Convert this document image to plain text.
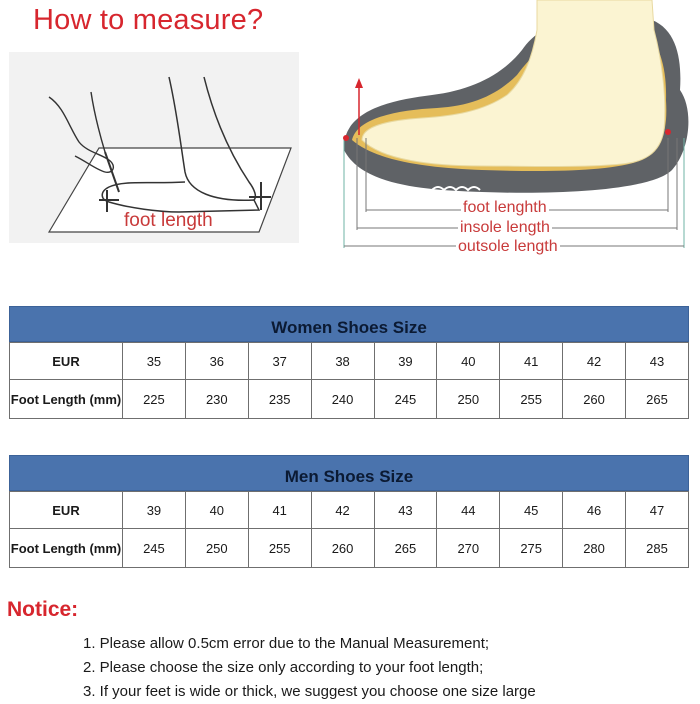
How to measure?
foot length
foot lenghth
insole length
outsole length
Women Shoes Size
EUR	35	36	37	38	39	40	41	42	43
Foot Length (mm)	225	230	235	240	245	250	255	260	265
Men Shoes Size
EUR	39	40	41	42	43	44	45	46	47
Foot Length (mm)	245	250	255	260	265	270	275	280	285
Notice:
1. Please allow 0.5cm error due to the Manual Measurement;
2. Please choose the size only according to your foot length;
3. If your feet is wide or thick, we suggest you choose one size large
